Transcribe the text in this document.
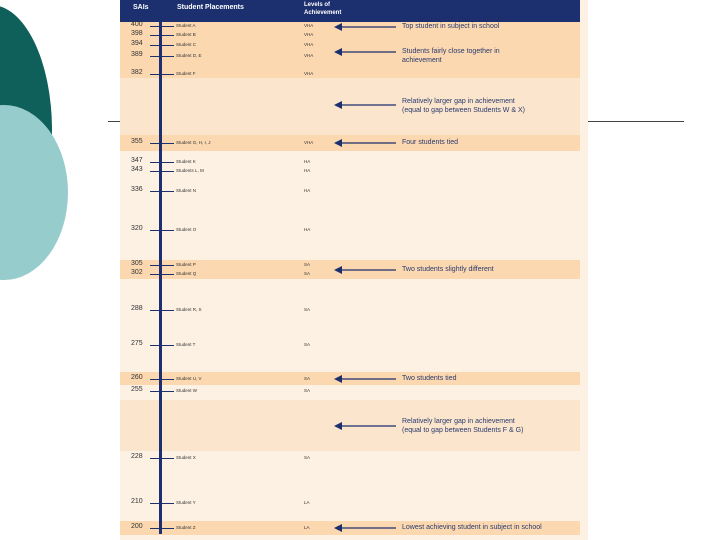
SAIs	Student Placements	Levels of
Achievement
400	Student A	VHA
398	Student B	VHA
394	Student C	VHA
389	Student D, E	VHA
382	Student F	VHA
355	Student G, H, I, J	VHA
347	Student K	HA
343	Students L, M	HA
336	Student N	HA
320	Student O	HA
305	Student P	SA
302	Student Q	SA
288	Student R, S	SA
275	Student T	SA
260	Student U, V	SA
255	Student W	SA
228	Student X	SA
210	Student Y	LA
200	Student Z	LA
Top student in subject in school
Students fairly close together in
achievement
Relatively larger gap in achievement
(equal to gap between Students W & X)
Four students tied
Two students slightly different
Two students tied
Relatively larger gap in achievement
(equal to gap between Students F & G)
Lowest achieving student in subject in school
